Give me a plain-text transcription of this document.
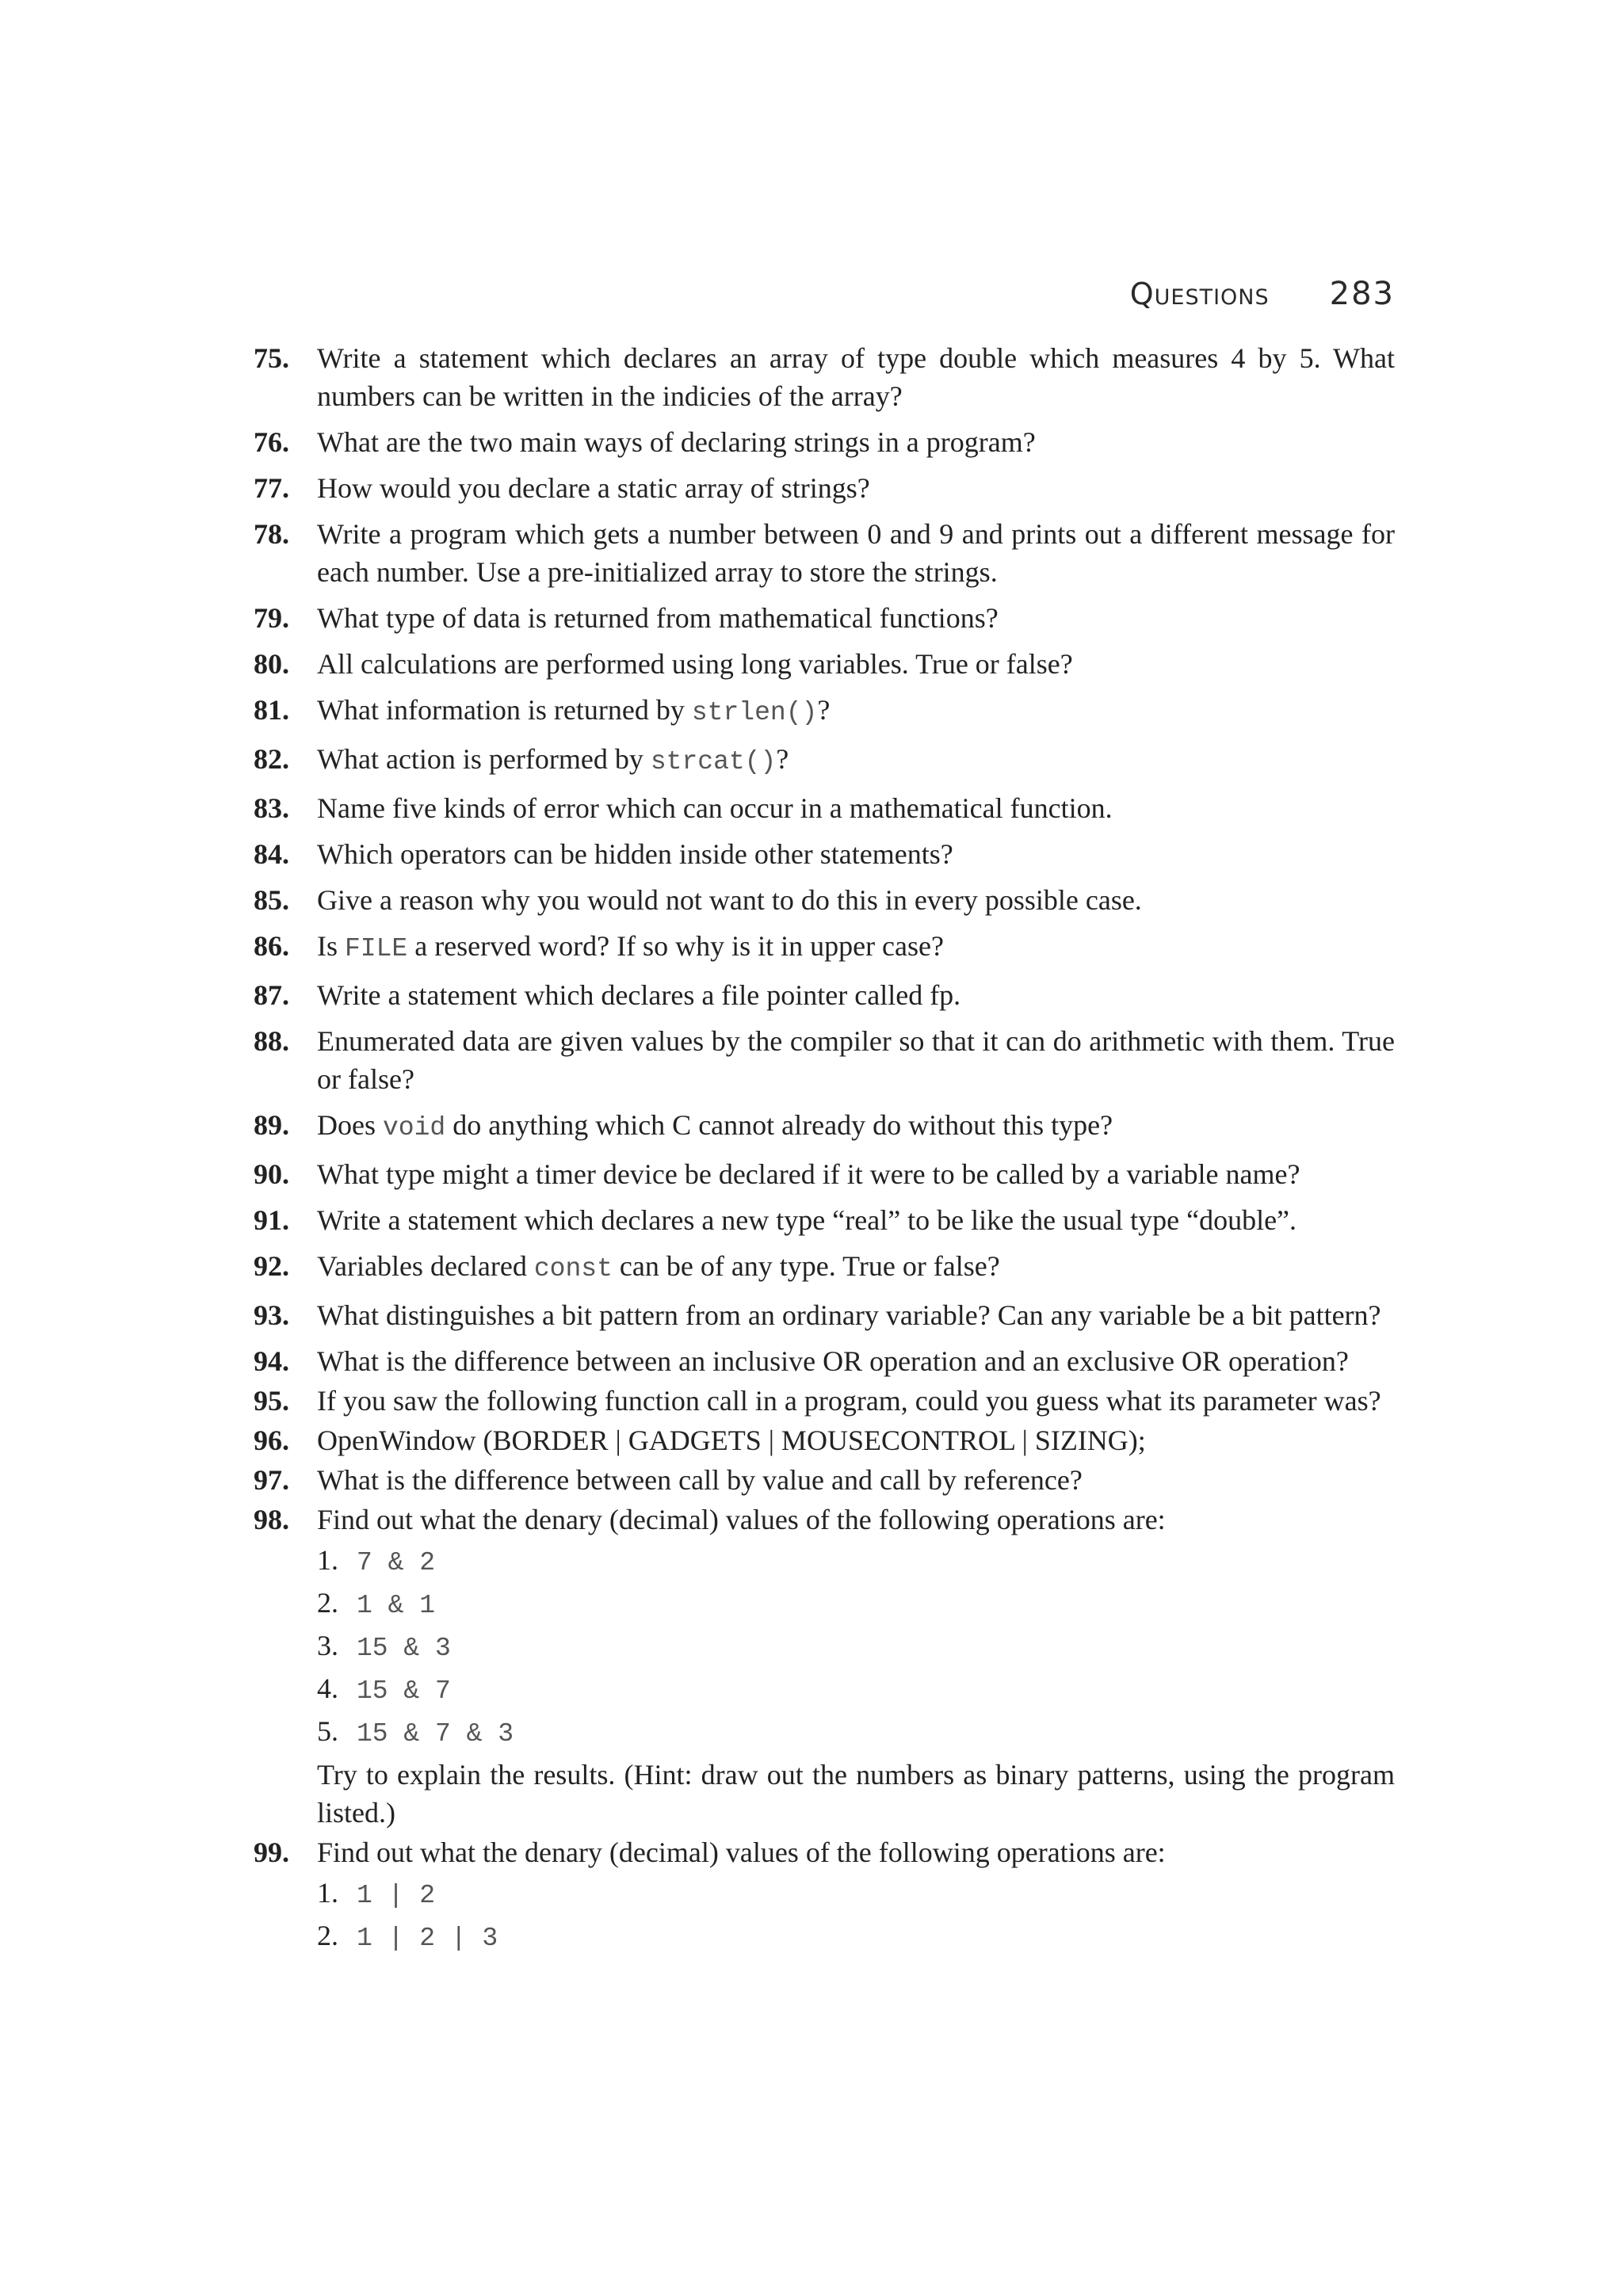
Questions 283
75. Write a statement which declares an array of type double which measures 4 by 5. What numbers can be written in the indicies of the array?
76. What are the two main ways of declaring strings in a program?
77. How would you declare a static array of strings?
78. Write a program which gets a number between 0 and 9 and prints out a different message for each number. Use a pre-initialized array to store the strings.
79. What type of data is returned from mathematical functions?
80. All calculations are performed using long variables. True or false?
81. What information is returned by strlen()?
82. What action is performed by strcat()?
83. Name five kinds of error which can occur in a mathematical function.
84. Which operators can be hidden inside other statements?
85. Give a reason why you would not want to do this in every possible case.
86. Is FILE a reserved word? If so why is it in upper case?
87. Write a statement which declares a file pointer called fp.
88. Enumerated data are given values by the compiler so that it can do arithmetic with them. True or false?
89. Does void do anything which C cannot already do without this type?
90. What type might a timer device be declared if it were to be called by a variable name?
91. Write a statement which declares a new type “real” to be like the usual type “double”.
92. Variables declared const can be of any type. True or false?
93. What distinguishes a bit pattern from an ordinary variable? Can any variable be a bit pattern?
94. What is the difference between an inclusive OR operation and an exclusive OR operation?
95. If you saw the following function call in a program, could you guess what its parameter was?
96. OpenWindow (BORDER | GADGETS | MOUSECONTROL | SIZING);
97. What is the difference between call by value and call by reference?
98. Find out what the denary (decimal) values of the following operations are:
1. 7 & 2
2. 1 & 1
3. 15 & 3
4. 15 & 7
5. 15 & 7 & 3
Try to explain the results. (Hint: draw out the numbers as binary patterns, using the program listed.)
99. Find out what the denary (decimal) values of the following operations are:
1. 1 | 2
2. 1 | 2 | 3
